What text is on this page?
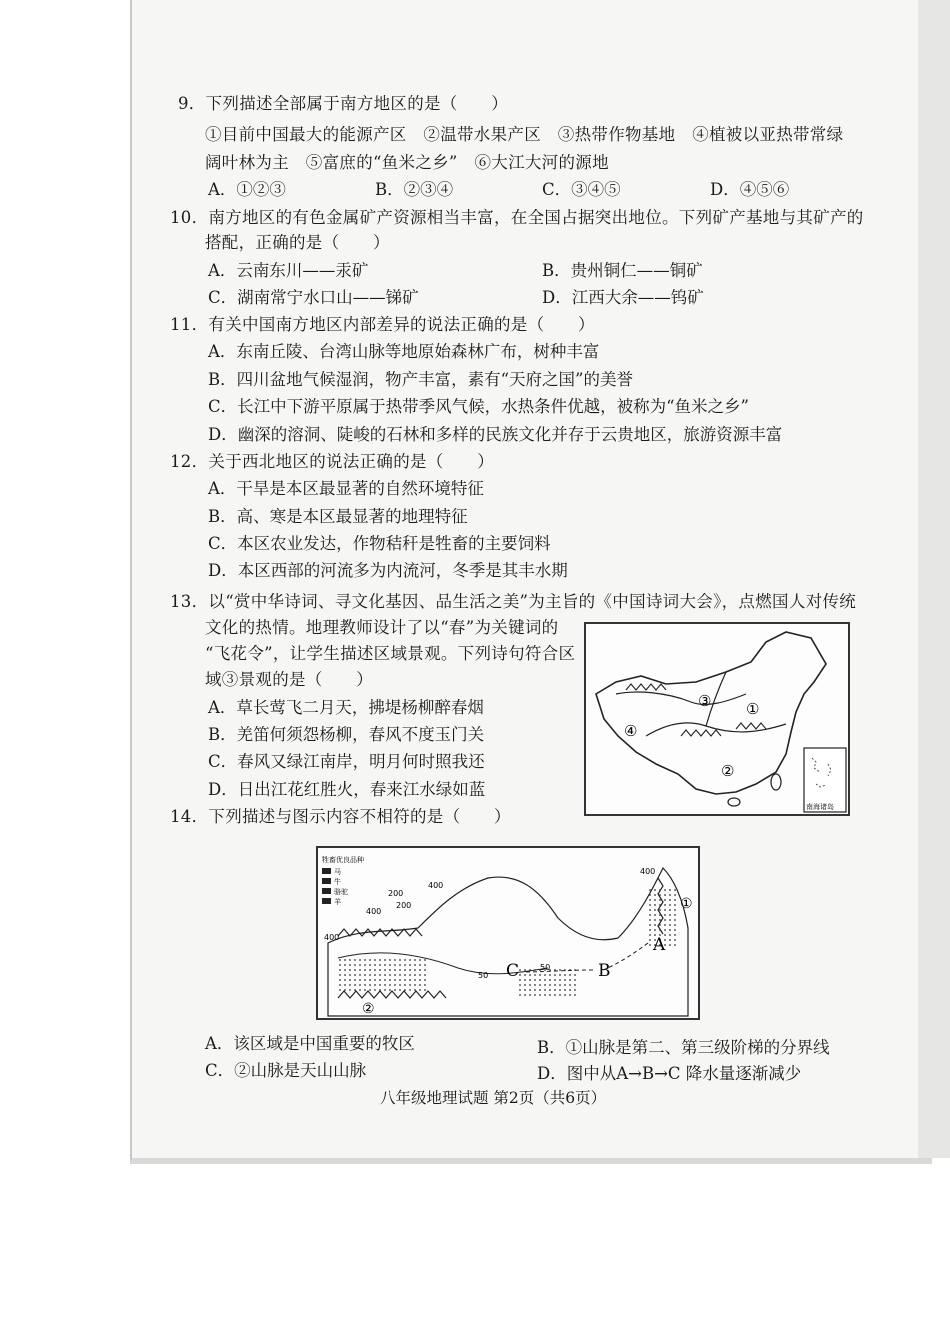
9．下列描述全部属于南方地区的是（　　）
①目前中国最大的能源产区　②温带水果产区　③热带作物基地　④植被以亚热带常绿
阔叶林为主　⑤富庶的“鱼米之乡”　⑥大江大河的源地
A．①②③	B．②③④	C．③④⑤	D．④⑤⑥
10．南方地区的有色金属矿产资源相当丰富，在全国占据突出地位。下列矿产基地与其矿产的
搭配，正确的是（　　）
A．云南东川——汞矿	B．贵州铜仁——铜矿
C．湖南常宁水口山——锑矿	D．江西大余——钨矿
11．有关中国南方地区内部差异的说法正确的是（　　）
A．东南丘陵、台湾山脉等地原始森林广布，树种丰富
B．四川盆地气候湿润，物产丰富，素有“天府之国”的美誉
C．长江中下游平原属于热带季风气候，水热条件优越，被称为“鱼米之乡”
D．幽深的溶洞、陡峻的石林和多样的民族文化并存于云贵地区，旅游资源丰富
12．关于西北地区的说法正确的是（　　）
A．干旱是本区最显著的自然环境特征
B．高、寒是本区最显著的地理特征
C．本区农业发达，作物秸秆是牲畜的主要饲料
D．本区西部的河流多为内流河，冬季是其丰水期
13．以“赏中华诗词、寻文化基因、品生活之美”为主旨的《中国诗词大会》，点燃国人对传统
文化的热情。地理教师设计了以“春”为关键词的
“飞花令”，让学生描述区域景观。下列诗句符合区
域③景观的是（　　）
A．草长莺飞二月天，拂堤杨柳醉春烟
B．羌笛何须怨杨柳，春风不度玉门关
C．春风又绿江南岸，明月何时照我还
D．日出江花红胜火，春来江水绿如蓝
③ ①
④
②
南海诸岛
14．下列描述与图示内容不相符的是（　　）
牲畜优良品种
马
牛
骆驼
羊
200
400
200
400
400
50
50
400
A
B
C
①
②
A．该区域是中国重要的牧区	B．①山脉是第二、第三级阶梯的分界线
C．②山脉是天山山脉	D．图中从A→B→C 降水量逐渐减少
八年级地理试题 第2页（共6页）
